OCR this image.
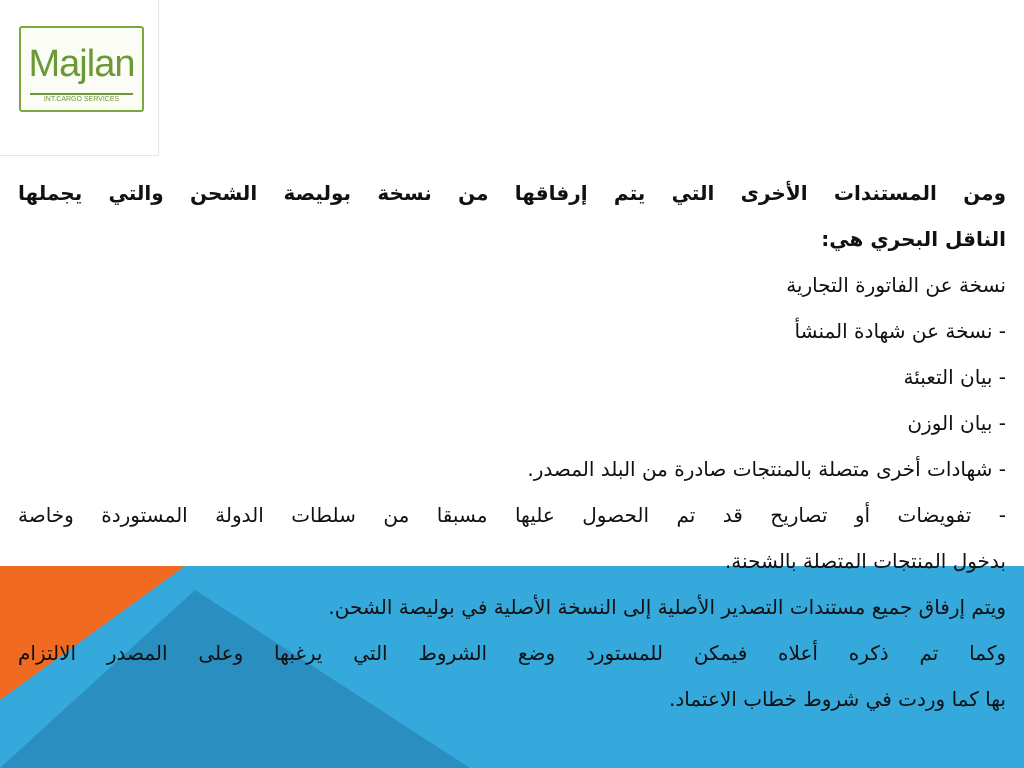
Majlan
INT.CARGO SERVICES
ومن المستندات الأخرى التي يتم إرفاقها من نسخة بوليصة الشحن والتي يجملها
الناقل البحري هي:
نسخة عن الفاتورة التجارية
- نسخة عن شهادة المنشأ
- بيان التعبئة
- بيان الوزن
- شهادات أخرى متصلة بالمنتجات صادرة من البلد المصدر.
- تفويضات أو تصاريح قد تم الحصول عليها مسبقا من سلطات الدولة المستوردة وخاصة
بدخول المنتجات المتصلة بالشحنة.
ويتم إرفاق جميع مستندات التصدير الأصلية إلى النسخة الأصلية في بوليصة الشحن.
وكما تم ذكره أعلاه فيمكن للمستورد وضع الشروط التي يرغبها وعلى المصدر الالتزام
بها كما وردت في شروط خطاب الاعتماد.
